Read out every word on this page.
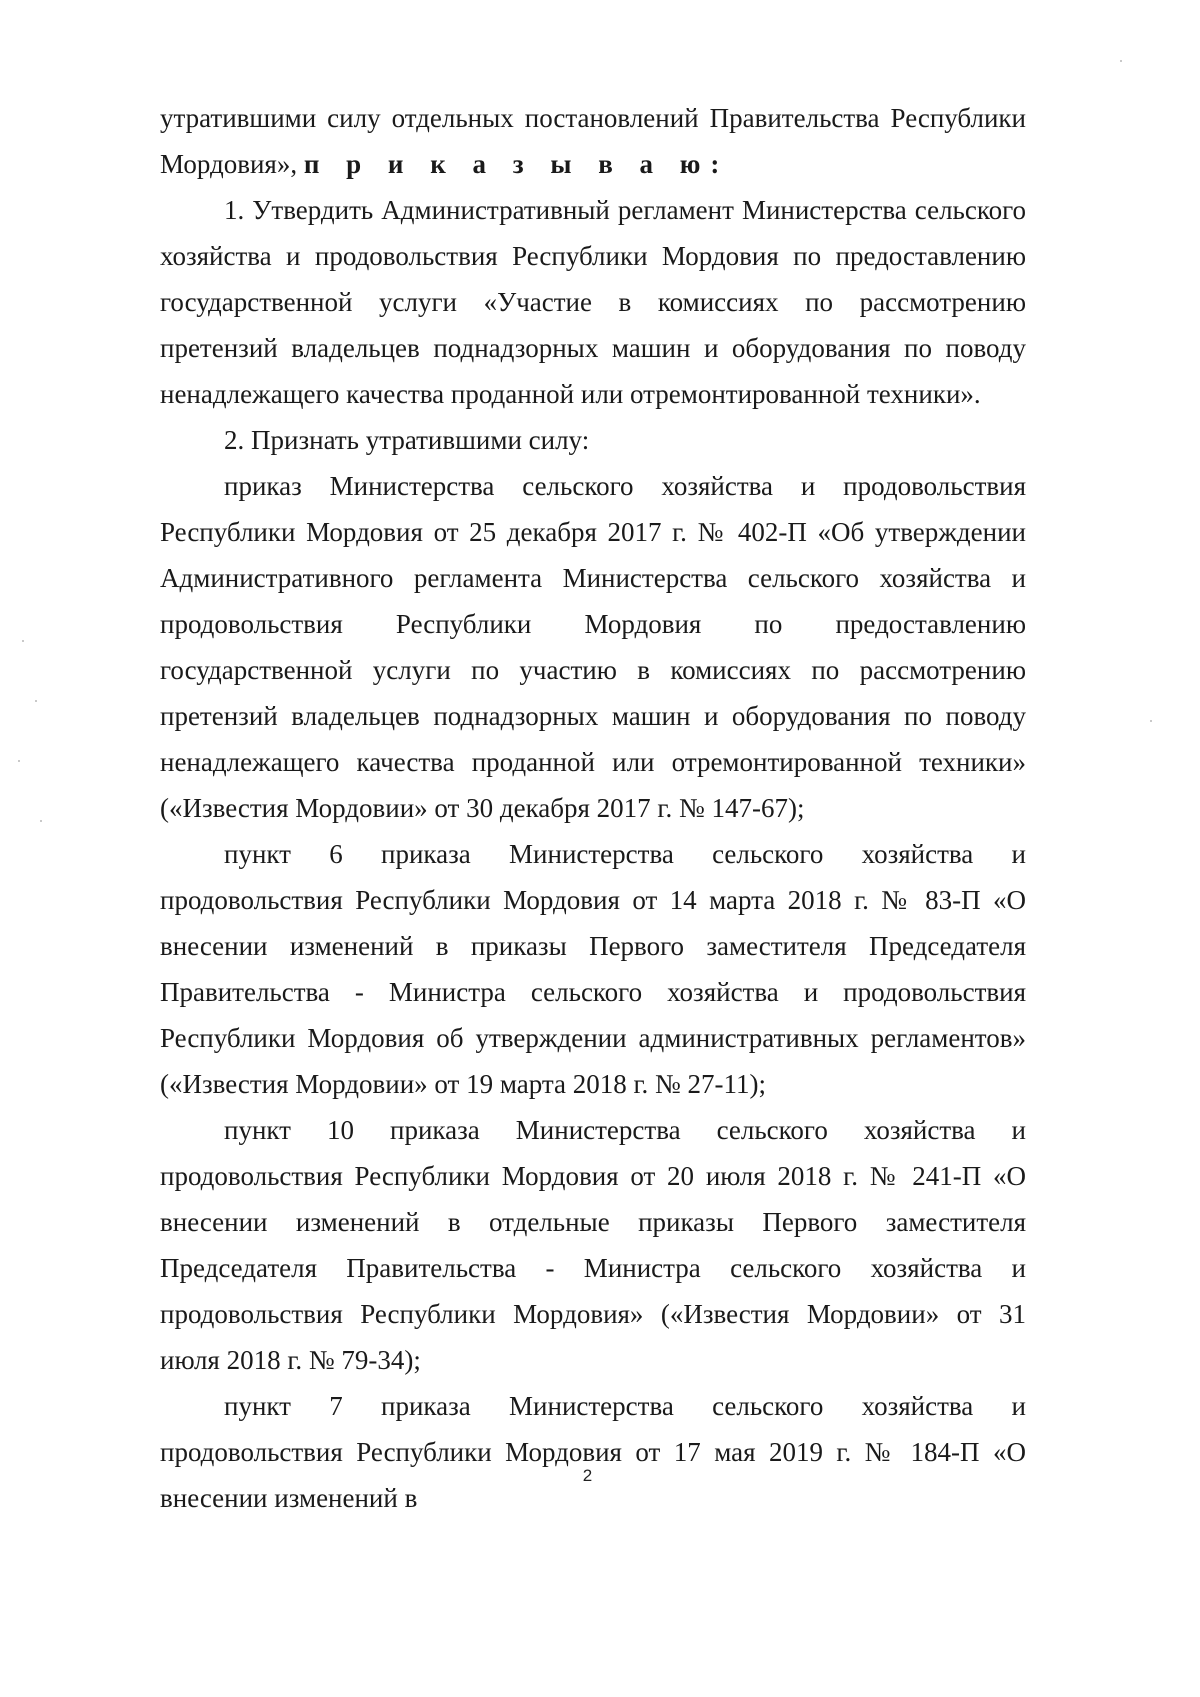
утратившими силу отдельных постановлений Правительства Республики Мордовия», п р и к а з ы в а ю:

1. Утвердить Административный регламент Министерства сельского хозяйства и продовольствия Республики Мордовия по предоставлению государственной услуги «Участие в комиссиях по рассмотрению претензий владельцев поднадзорных машин и оборудования по поводу ненадлежащего качества проданной или отремонтированной техники».

2. Признать утратившими силу:

приказ Министерства сельского хозяйства и продовольствия Республики Мордовия от 25 декабря 2017 г. № 402-П «Об утверждении Административного регламента Министерства сельского хозяйства и продовольствия Республики Мордовия по предоставлению государственной услуги по участию в комиссиях по рассмотрению претензий владельцев поднадзорных машин и оборудования по поводу ненадлежащего качества проданной или отремонтированной техники» («Известия Мордовии» от 30 декабря 2017 г. № 147-67);

пункт 6 приказа Министерства сельского хозяйства и продовольствия Республики Мордовия от 14 марта 2018 г. № 83-П «О внесении изменений в приказы Первого заместителя Председателя Правительства - Министра сельского хозяйства и продовольствия Республики Мордовия об утверждении административных регламентов» («Известия Мордовии» от 19 марта 2018 г. № 27-11);

пункт 10 приказа Министерства сельского хозяйства и продовольствия Республики Мордовия от 20 июля 2018 г. № 241-П «О внесении изменений в отдельные приказы Первого заместителя Председателя Правительства - Министра сельского хозяйства и продовольствия Республики Мордовия» («Известия Мордовии» от 31 июля 2018 г. № 79-34);

пункт 7 приказа Министерства сельского хозяйства и продовольствия Республики Мордовия от 17 мая 2019 г. № 184-П «О внесении изменений в

2
